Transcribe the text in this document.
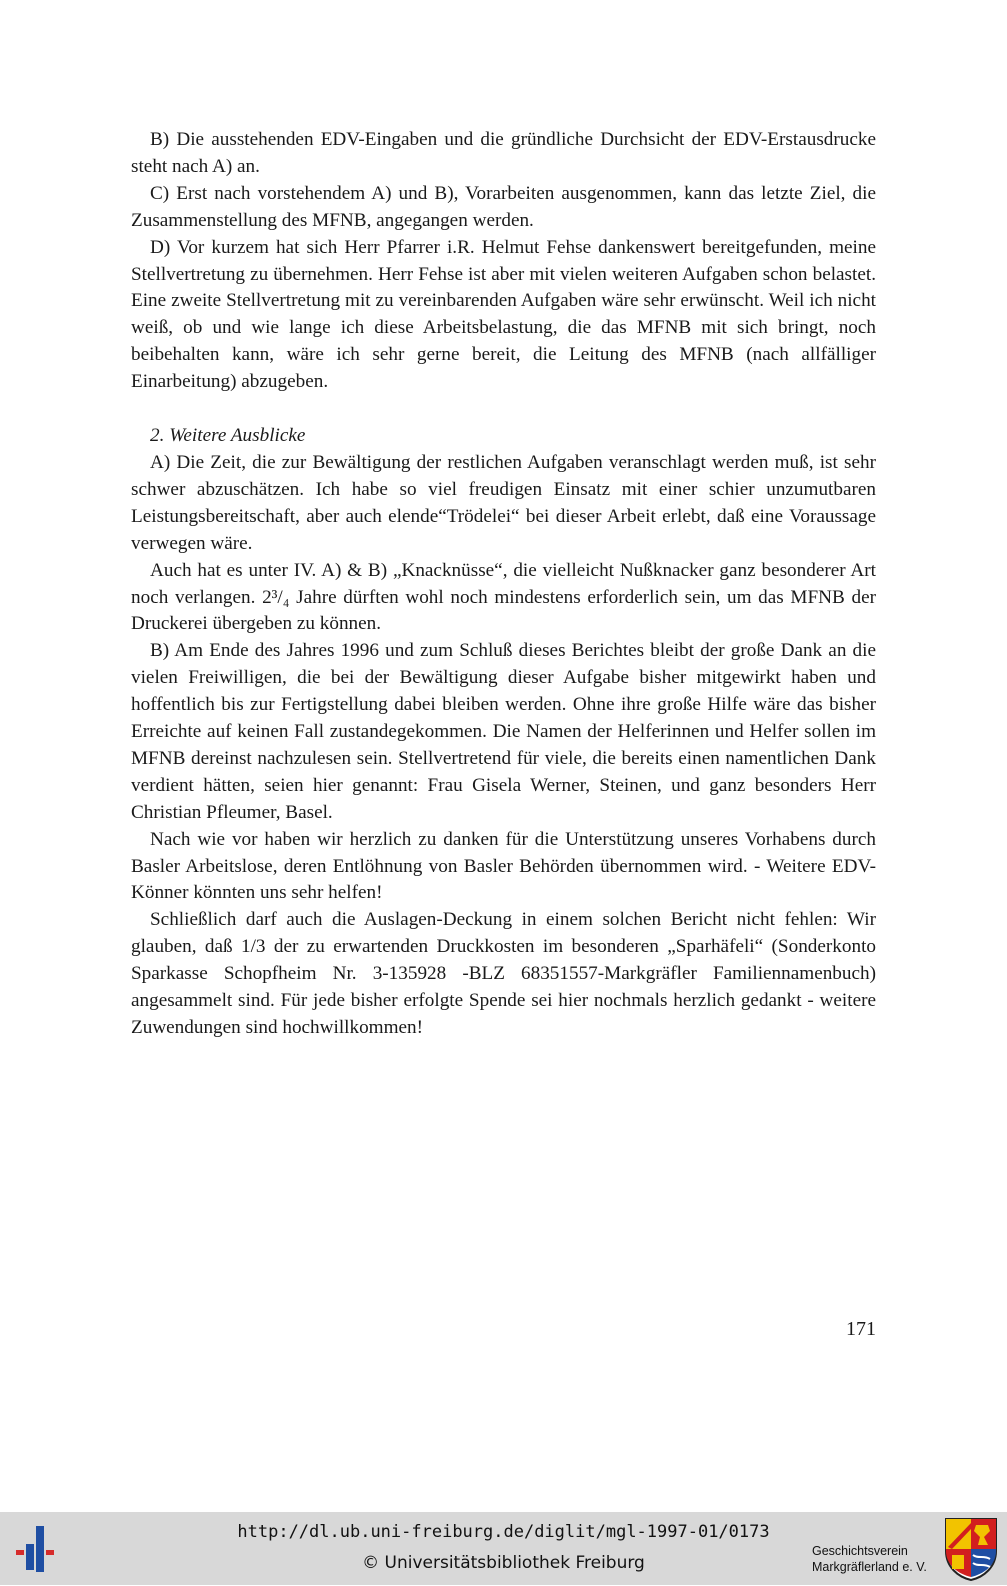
B) Die ausstehenden EDV-Eingaben und die gründliche Durchsicht der EDV-Erstausdrucke steht nach A) an.

C) Erst nach vorstehendem A) und B), Vorarbeiten ausgenommen, kann das letzte Ziel, die Zusammenstellung des MFNB, angegangen werden.

D) Vor kurzem hat sich Herr Pfarrer i.R. Helmut Fehse dankenswert bereitgefunden, meine Stellvertretung zu übernehmen. Herr Fehse ist aber mit vielen weiteren Aufgaben schon belastet. Eine zweite Stellvertretung mit zu vereinbarenden Aufgaben wäre sehr erwünscht. Weil ich nicht weiß, ob und wie lange ich diese Arbeitsbelastung, die das MFNB mit sich bringt, noch beibehalten kann, wäre ich sehr gerne bereit, die Leitung des MFNB (nach allfälliger Einarbeitung) abzugeben.

2. Weitere Ausblicke

A) Die Zeit, die zur Bewältigung der restlichen Aufgaben veranschlagt werden muß, ist sehr schwer abzuschätzen. Ich habe so viel freudigen Einsatz mit einer schier unzumutbaren Leistungsbereitschaft, aber auch elende“Trödelei“ bei dieser Arbeit erlebt, daß eine Voraussage verwegen wäre.

Auch hat es unter IV. A) & B) „Knacknüsse“, die vielleicht Nußknacker ganz besonderer Art noch verlangen. 2³/₄ Jahre dürften wohl noch mindestens erforderlich sein, um das MFNB der Druckerei übergeben zu können.

B) Am Ende des Jahres 1996 und zum Schluß dieses Berichtes bleibt der große Dank an die vielen Freiwilligen, die bei der Bewältigung dieser Aufgabe bisher mitgewirkt haben und hoffentlich bis zur Fertigstellung dabei bleiben werden. Ohne ihre große Hilfe wäre das bisher Erreichte auf keinen Fall zustandegekommen. Die Namen der Helferinnen und Helfer sollen im MFNB dereinst nachzulesen sein. Stellvertretend für viele, die bereits einen namentlichen Dank verdient hätten, seien hier genannt: Frau Gisela Werner, Steinen, und ganz besonders Herr Christian Pfleumer, Basel.

Nach wie vor haben wir herzlich zu danken für die Unterstützung unseres Vorhabens durch Basler Arbeitslose, deren Entlöhnung von Basler Behörden übernommen wird. - Weitere EDV-Könner könnten uns sehr helfen!

Schließlich darf auch die Auslagen-Deckung in einem solchen Bericht nicht fehlen: Wir glauben, daß 1/3 der zu erwartenden Druckkosten im besonderen „Sparhäfeli“ (Sonderkonto Sparkasse Schopfheim Nr. 3-135928 -BLZ 68351557-Markgräfler Familiennamenbuch) angesammelt sind. Für jede bisher erfolgte Spende sei hier nochmals herzlich gedankt - weitere Zuwendungen sind hochwillkommen!

171
http://dl.ub.uni-freiburg.de/diglit/mgl-1997-01/0173
© Universitätsbibliothek Freiburg
Geschichtsverein
Markgräflerland e. V.
